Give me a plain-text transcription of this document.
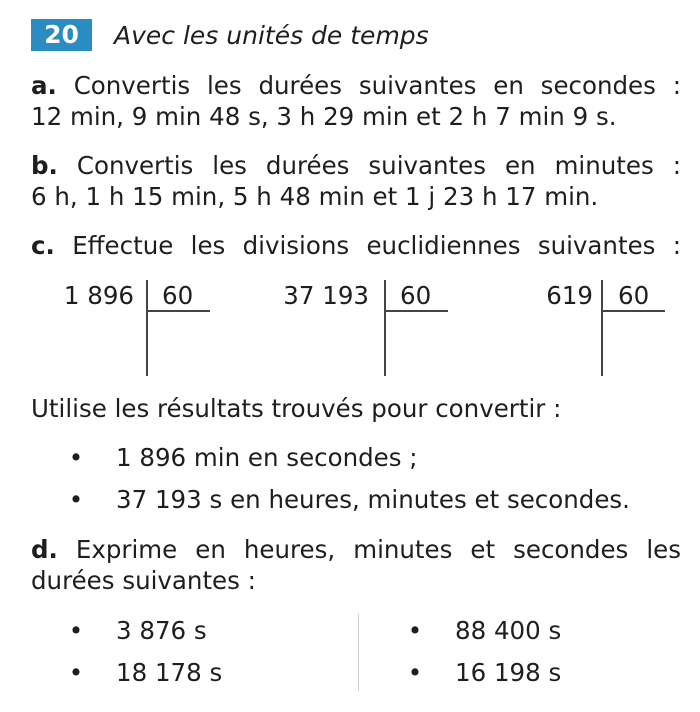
20	Avec les unités de temps
a. Convertis les durées suivantes en secondes :
12 min, 9 min 48 s, 3 h 29 min et 2 h 7 min 9 s.
b. Convertis les durées suivantes en minutes :
6 h, 1 h 15 min, 5 h 48 min et 1 j 23 h 17 min.
c. Effectue les divisions euclidiennes suivantes :
1 896 60	37 193 60	619 60
Utilise les résultats trouvés pour convertir :
• 1 896 min en secondes ;
• 37 193 s en heures, minutes et secondes.
d. Exprime en heures, minutes et secondes les
durées suivantes :
• 3 876 s
• 18 178 s
• 88 400 s
• 16 198 s
